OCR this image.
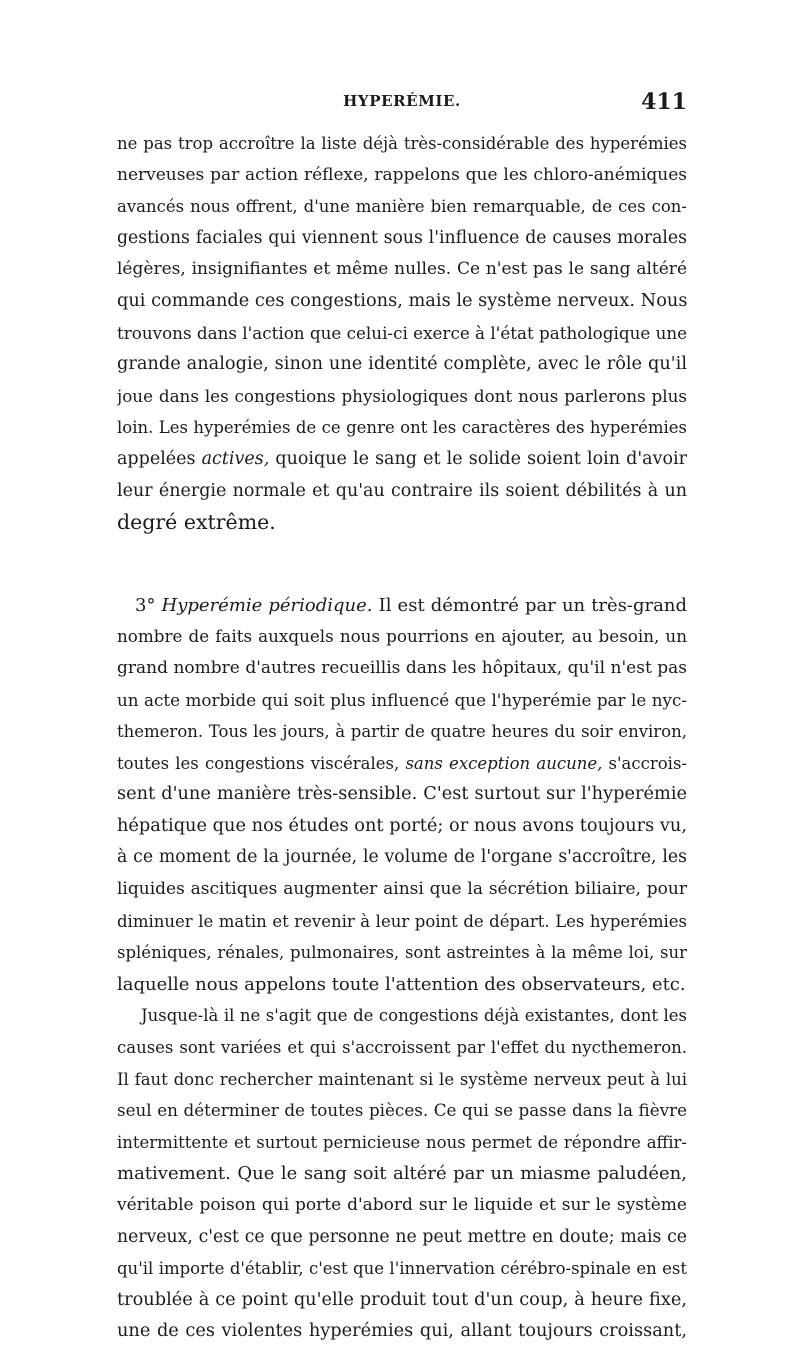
HYPERÉMIE.	411
ne pas trop accroître la liste déjà très-considérable des hyperémies
nerveuses par action réflexe, rappelons que les chloro-anémiques
avancés nous offrent, d'une manière bien remarquable, de ces con-
gestions faciales qui viennent sous l'influence de causes morales
légères, insignifiantes et même nulles. Ce n'est pas le sang altéré
qui commande ces congestions, mais le système nerveux. Nous
trouvons dans l'action que celui-ci exerce à l'état pathologique une
grande analogie, sinon une identité complète, avec le rôle qu'il
joue dans les congestions physiologiques dont nous parlerons plus
loin. Les hyperémies de ce genre ont les caractères des hyperémies
appelées actives, quoique le sang et le solide soient loin d'avoir
leur énergie normale et qu'au contraire ils soient débilités à un
degré extrême.
3° Hyperémie périodique. Il est démontré par un très-grand
nombre de faits auxquels nous pourrions en ajouter, au besoin, un
grand nombre d'autres recueillis dans les hôpitaux, qu'il n'est pas
un acte morbide qui soit plus influencé que l'hyperémie par le nyc-
themeron. Tous les jours, à partir de quatre heures du soir environ,
toutes les congestions viscérales, sans exception aucune, s'accrois-
sent d'une manière très-sensible. C'est surtout sur l'hyperémie
hépatique que nos études ont porté; or nous avons toujours vu,
à ce moment de la journée, le volume de l'organe s'accroître, les
liquides ascitiques augmenter ainsi que la sécrétion biliaire, pour
diminuer le matin et revenir à leur point de départ. Les hyperémies
spléniques, rénales, pulmonaires, sont astreintes à la même loi, sur
laquelle nous appelons toute l'attention des observateurs, etc.
Jusque-là il ne s'agit que de congestions déjà existantes, dont les
causes sont variées et qui s'accroissent par l'effet du nycthemeron.
Il faut donc rechercher maintenant si le système nerveux peut à lui
seul en déterminer de toutes pièces. Ce qui se passe dans la fièvre
intermittente et surtout pernicieuse nous permet de répondre affir-
mativement. Que le sang soit altéré par un miasme paludéen,
véritable poison qui porte d'abord sur le liquide et sur le système
nerveux, c'est ce que personne ne peut mettre en doute; mais ce
qu'il importe d'établir, c'est que l'innervation cérébro-spinale en est
troublée à ce point qu'elle produit tout d'un coup, à heure fixe,
une de ces violentes hyperémies qui, allant toujours croissant,
